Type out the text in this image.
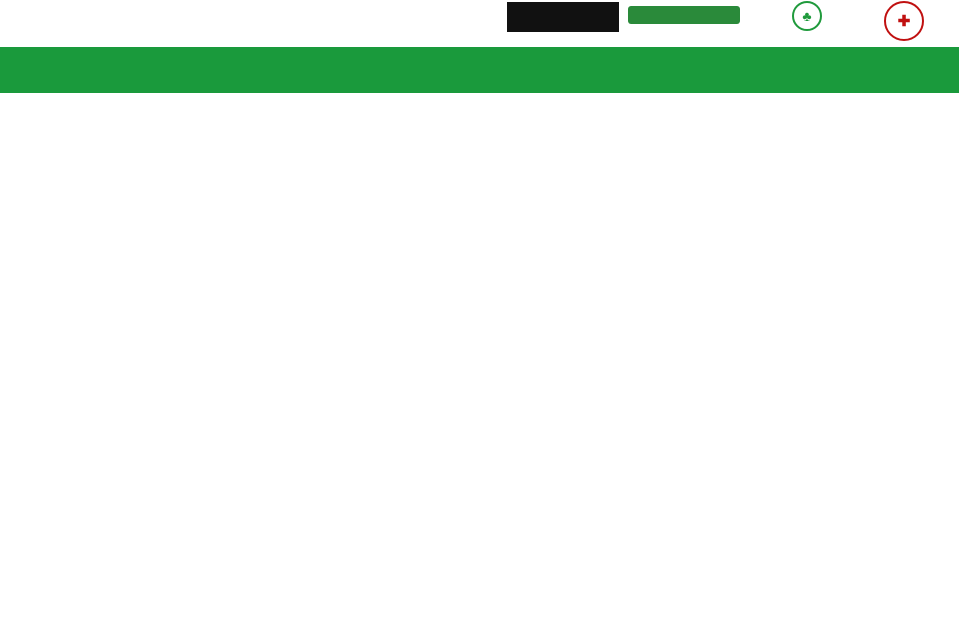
♣	✚
